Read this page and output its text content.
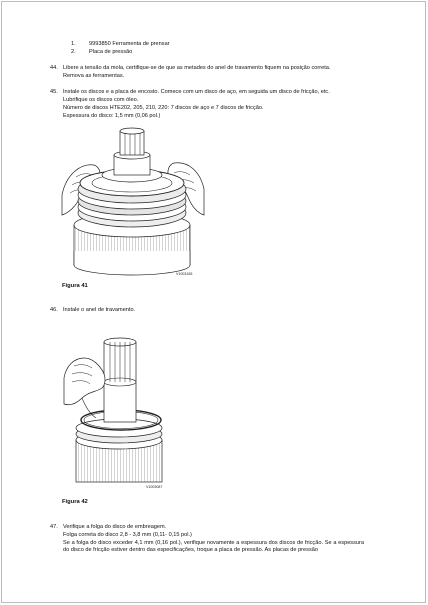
1. 9993850 Ferramenta de prensar
2. Placa de pressão
44. Libere a tensão da mola, certifique-se de que as metades do anel de travamento fiquem na posição correta.
Remova as ferramentas.
45. Instale os discos e a placa de encosto. Comece com um disco de aço, em seguida um disco de fricção, etc.
Lubrifique os discos com óleo.
Número de discos HTE202, 205, 210, 220: 7 discos de aço e 7 discos de fricção.
Espessura do disco: 1,5 mm (0,06 pol.)
V1003165
Figura 41
46. Instale o anel de travamento.
V1003087
Figura 42
47. Verifique a folga do disco de embreagem.
Folga correta do disco 2,8 - 3,8 mm (0,11- 0,15 pol.)
Se a folga do disco exceder 4,1 mm (0,16 pol.), verifique novamente a espessura dos discos de fricção. Se a espessura do disco de fricção estiver dentro das especificações, troque a placa de pressão. As placas de pressão
